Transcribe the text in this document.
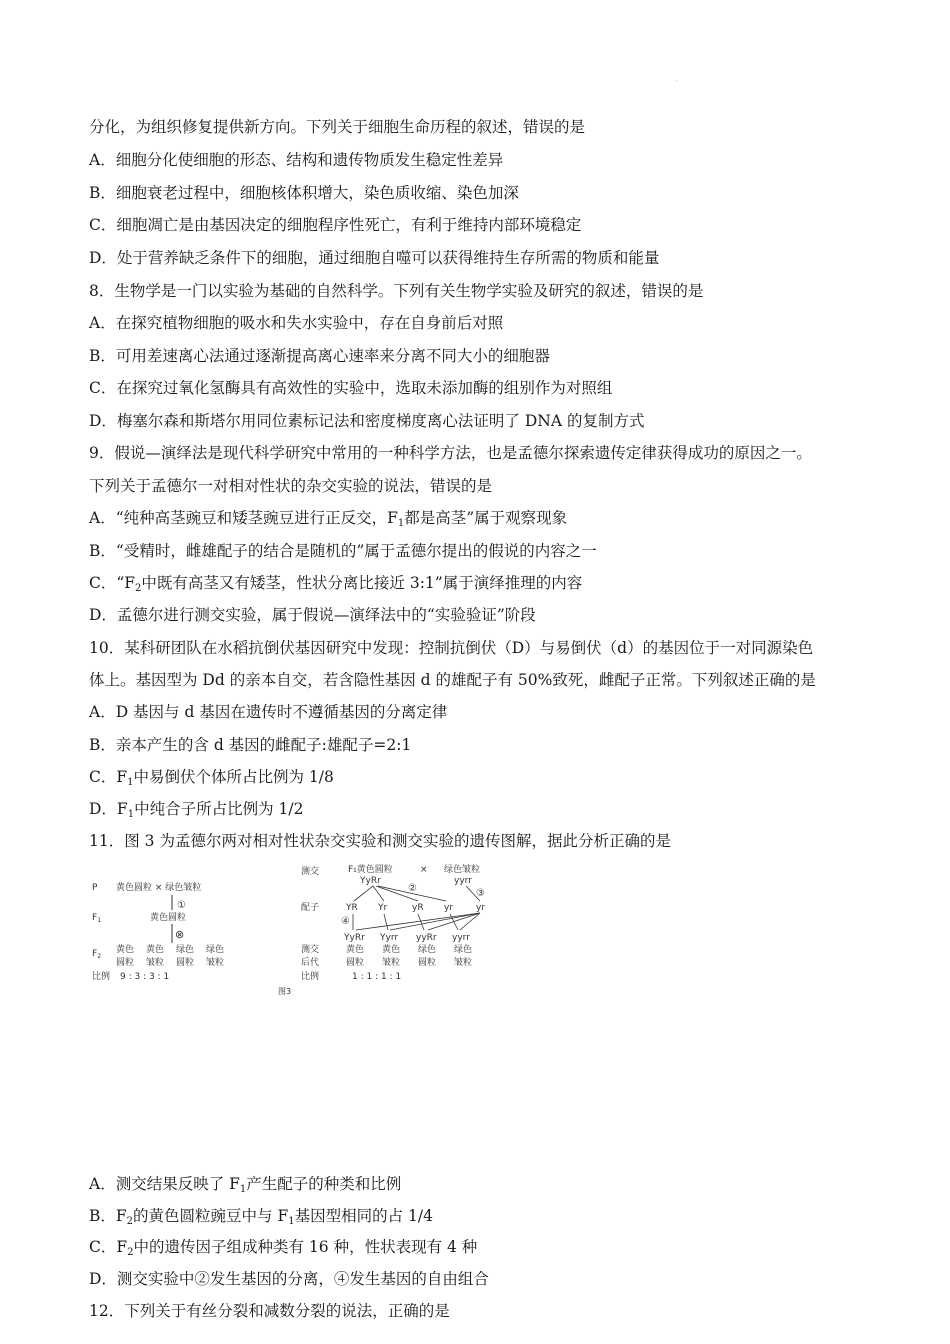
·
分化，为组织修复提供新方向。下列关于细胞生命历程的叙述，错误的是
A．细胞分化使细胞的形态、结构和遗传物质发生稳定性差异
B．细胞衰老过程中，细胞核体积增大，染色质收缩、染色加深
C．细胞凋亡是由基因决定的细胞程序性死亡，有利于维持内部环境稳定
D．处于营养缺乏条件下的细胞，通过细胞自噬可以获得维持生存所需的物质和能量
8．生物学是一门以实验为基础的自然科学。下列有关生物学实验及研究的叙述，错误的是
A．在探究植物细胞的吸水和失水实验中，存在自身前后对照
B．可用差速离心法通过逐渐提高离心速率来分离不同大小的细胞器
C．在探究过氧化氢酶具有高效性的实验中，选取未添加酶的组别作为对照组
D．梅塞尔森和斯塔尔用同位素标记法和密度梯度离心法证明了 DNA 的复制方式
9．假说—演绎法是现代科学研究中常用的一种科学方法，也是孟德尔探索遗传定律获得成功的原因之一。
下列关于孟德尔一对相对性状的杂交实验的说法，错误的是
A．“纯种高茎豌豆和矮茎豌豆进行正反交，$F_1$都是高茎”属于观察现象
B．“受精时，雌雄配子的结合是随机的”属于孟德尔提出的假说的内容之一
C．“$F_2$中既有高茎又有矮茎，性状分离比接近 3:1”属于演绎推理的内容
D．孟德尔进行测交实验，属于假说—演绎法中的“实验验证”阶段
10．某科研团队在水稻抗倒伏基因研究中发现：控制抗倒伏（D）与易倒伏（d）的基因位于一对同源染色
体上。基因型为 Dd 的亲本自交，若含隐性基因 d 的雄配子有 50%致死，雌配子正常。下列叙述正确的是
A．D 基因与 d 基因在遗传时不遵循基因的分离定律
B．亲本产生的含 d 基因的雌配子:雄配子=2:1
C．$F_1$中易倒伏个体所占比例为 1/8
D．$F_1$中纯合子所占比例为 1/2
11．图 3 为孟德尔两对相对性状杂交实验和测交实验的遗传图解，据此分析正确的是
P 黄色圆粒 × 绿色皱粒
①
$F_1$	黄色圆粒
⊗
$F_2$
黄色 黄色 绿色 绿色
圆粒 皱粒 圆粒 皱粒
比例 9 : 3 : 3 : 1
图3
测交	F₁黄色圆粒	× 绿色皱粒
YyRr	yyrr
②	③
配子	YR Yr	yR yr	yr
④
YyRr Yyrr yyRr yyrr
测交
后代
黄色 黄色 绿色 绿色
圆粒 皱粒 圆粒 皱粒
比例	1 : 1 : 1 : 1
A．测交结果反映了 $F_1$产生配子的种类和比例
B．$F_2$的黄色圆粒豌豆中与 $F_1$基因型相同的占 1/4
C．$F_2$中的遗传因子组成种类有 16 种，性状表现有 4 种
D．测交实验中②发生基因的分离，④发生基因的自由组合
12．下列关于有丝分裂和减数分裂的说法，正确的是
